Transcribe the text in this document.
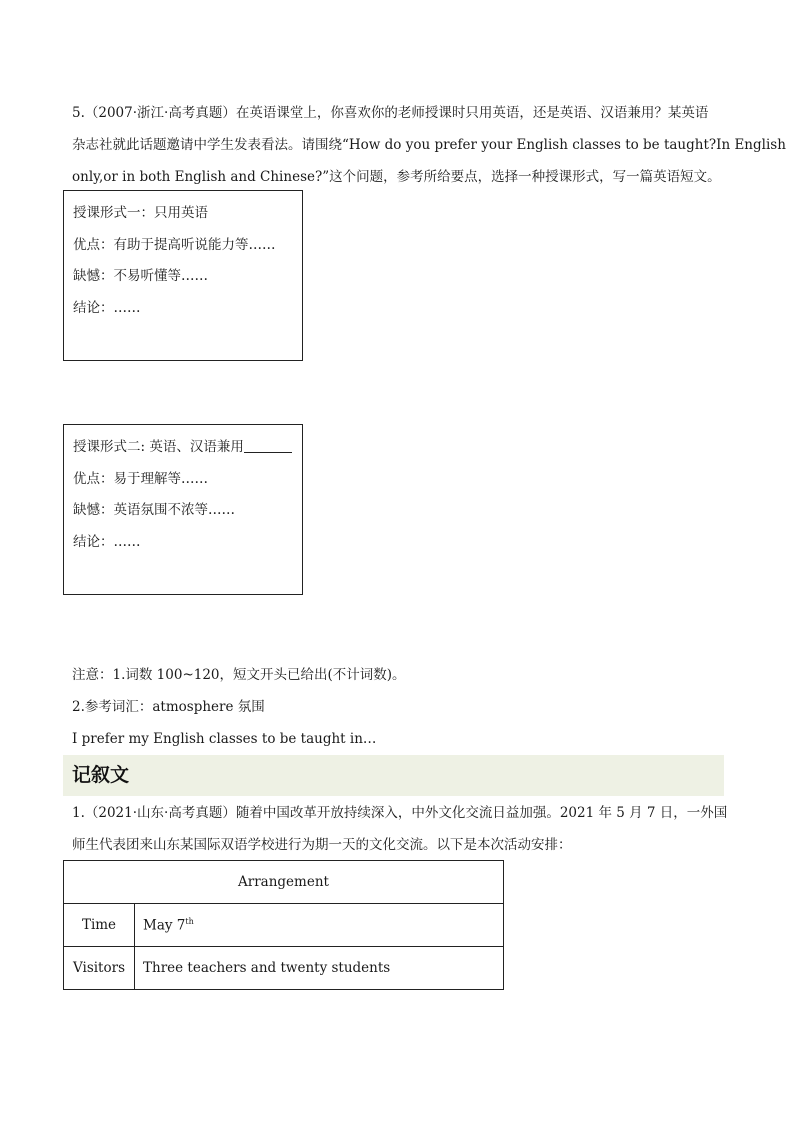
5.（2007·浙江·高考真题）在英语课堂上，你喜欢你的老师授课时只用英语，还是英语、汉语兼用？某英语
杂志社就此话题邀请中学生发表看法。请围绕“How do you prefer your English classes to be taught?In English
only,or in both English and Chinese?”这个问题，参考所给要点，选择一种授课形式，写一篇英语短文。
授课形式一：只用英语
优点：有助于提高听说能力等……
缺憾：不易听懂等……
结论：……
授课形式二: 英语、汉语兼用
优点：易于理解等……
缺憾：英语氛围不浓等……
结论：……
注意：1.词数 100~120，短文开头已给出(不计词数)。
2.参考词汇：atmosphere 氛围
I prefer my English classes to be taught in…
记叙文
1.（2021·山东·高考真题）随着中国改革开放持续深入，中外文化交流日益加强。2021 年 5 月 7 日，一外国
师生代表团来山东某国际双语学校进行为期一天的文化交流。以下是本次活动安排：
Arrangement	
Time	May 7th
Visitors	Three teachers and twenty students
